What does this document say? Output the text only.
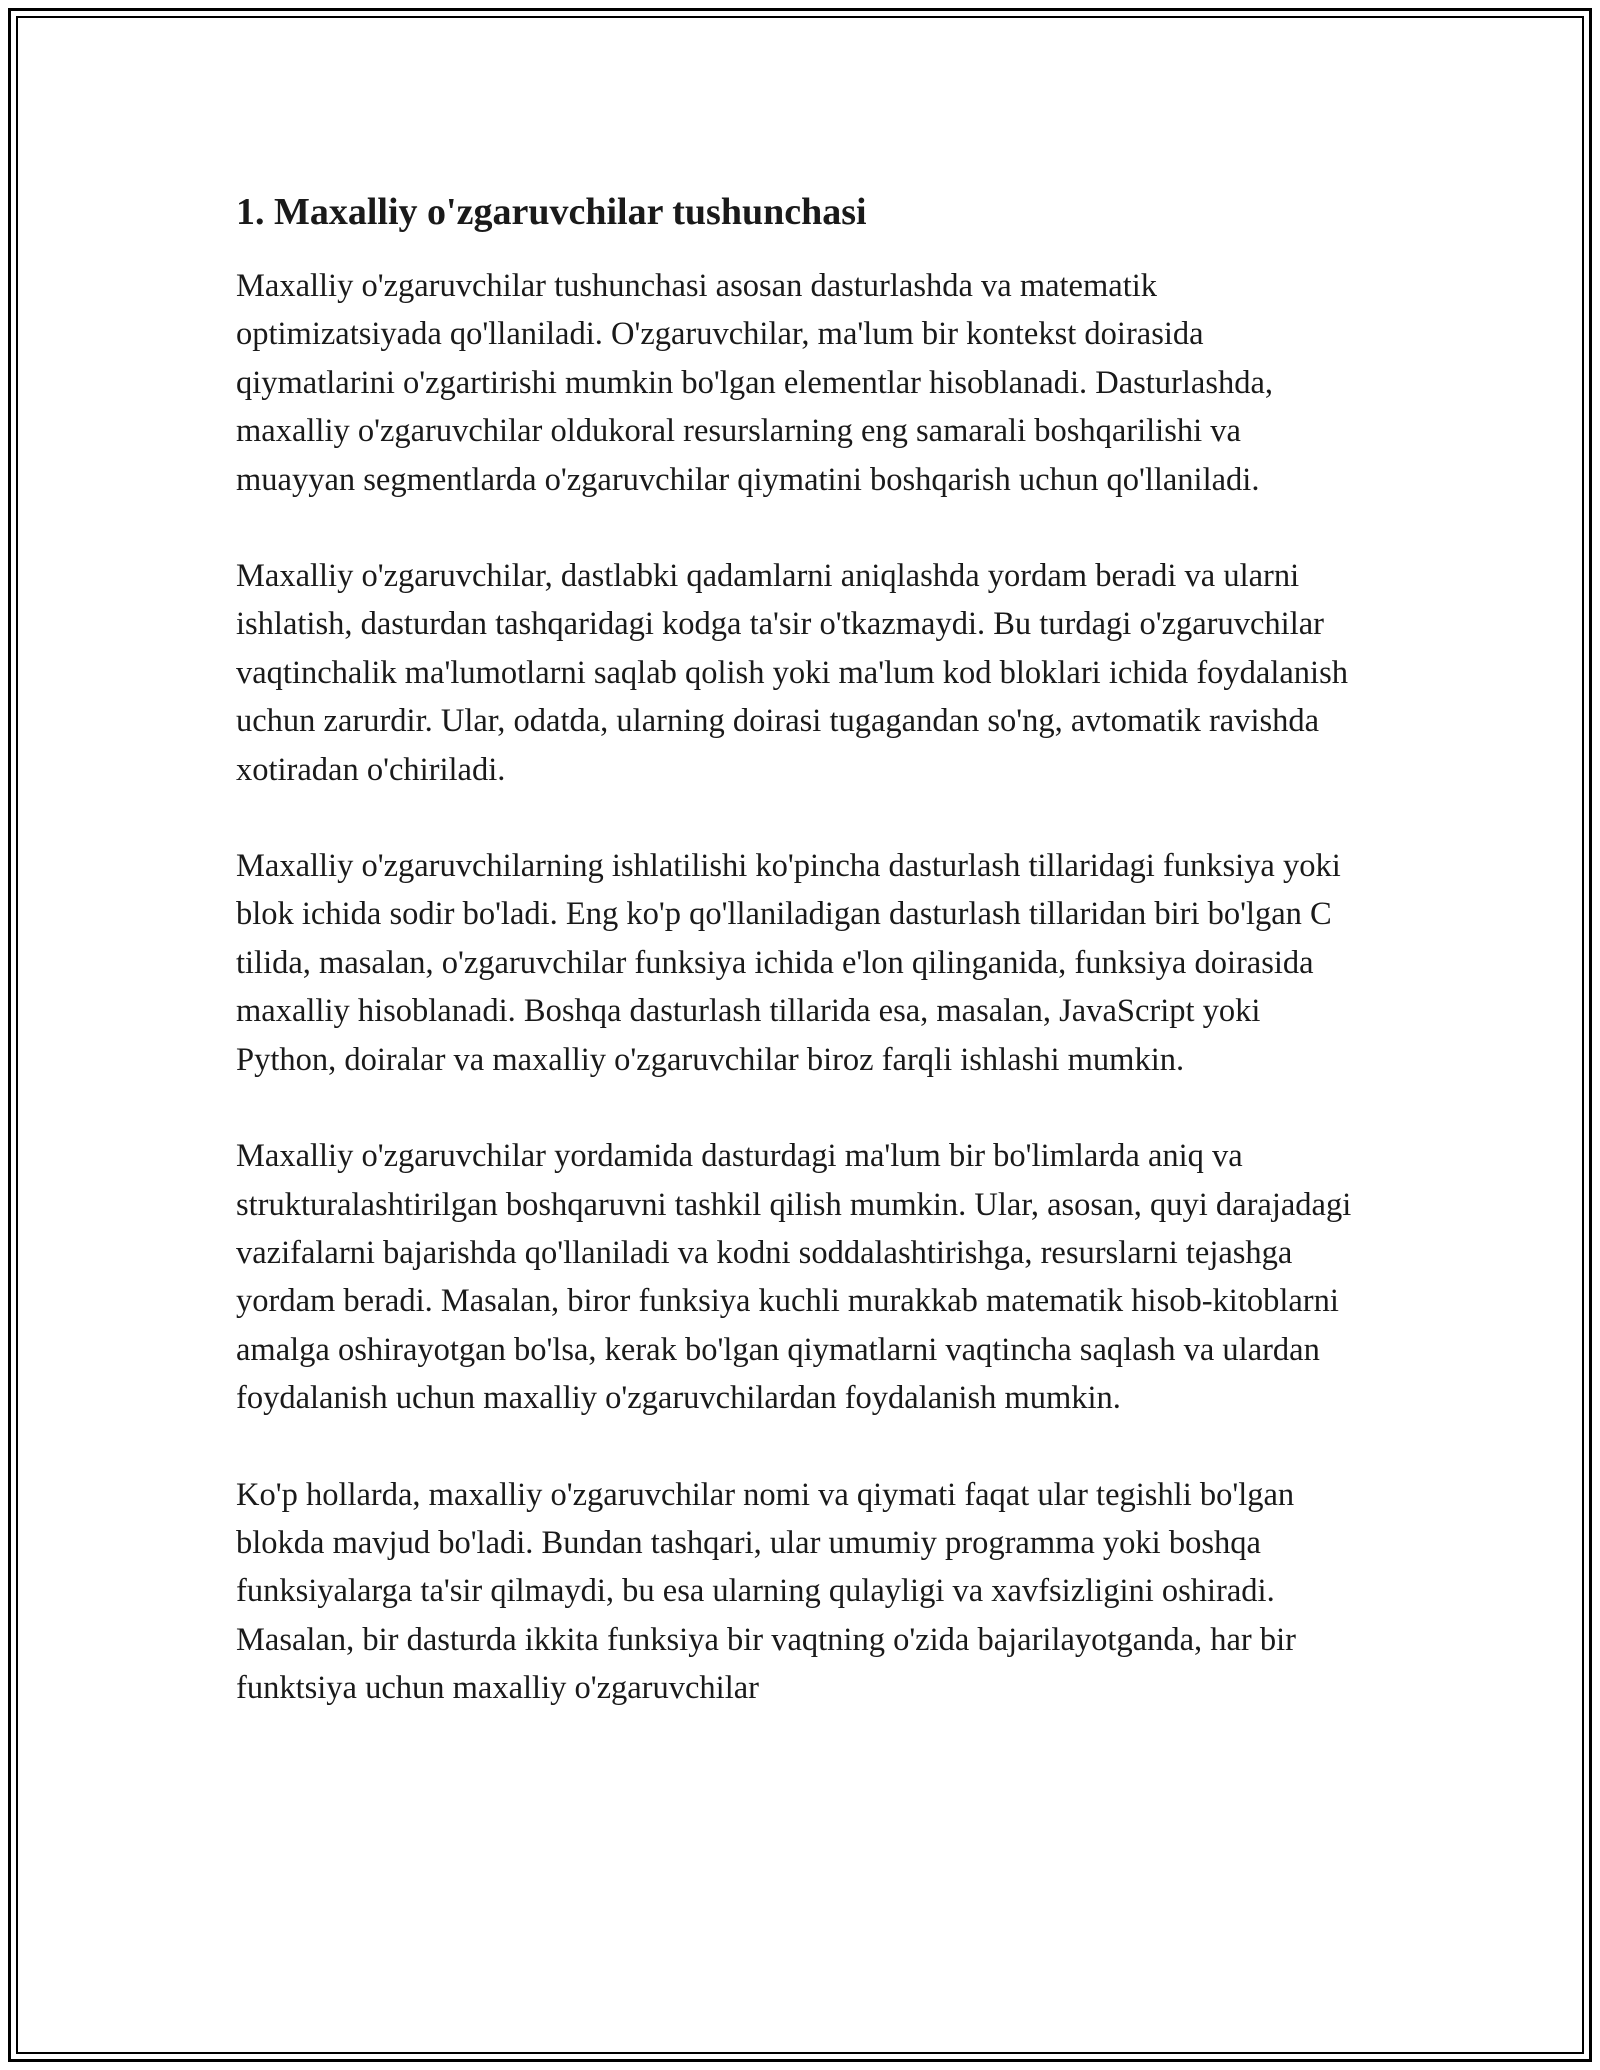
1. Maxalliy o'zgaruvchilar tushunchasi

Maxalliy o'zgaruvchilar tushunchasi asosan dasturlashda va matematik optimizatsiyada qo'llaniladi. O'zgaruvchilar, ma'lum bir kontekst doirasida qiymatlarini o'zgartirishi mumkin bo'lgan elementlar hisoblanadi. Dasturlashda, maxalliy o'zgaruvchilar oldukoral resurslarning eng samarali boshqarilishi va muayyan segmentlarda o'zgaruvchilar qiymatini boshqarish uchun qo'llaniladi.

Maxalliy o'zgaruvchilar, dastlabki qadamlarni aniqlashda yordam beradi va ularni ishlatish, dasturdan tashqaridagi kodga ta'sir o'tkazmaydi. Bu turdagi o'zgaruvchilar vaqtinchalik ma'lumotlarni saqlab qolish yoki ma'lum kod bloklari ichida foydalanish uchun zarurdir. Ular, odatda, ularning doirasi tugagandan so'ng, avtomatik ravishda xotiradan o'chiriladi.

Maxalliy o'zgaruvchilarning ishlatilishi ko'pincha dasturlash tillaridagi funksiya yoki blok ichida sodir bo'ladi. Eng ko'p qo'llaniladigan dasturlash tillaridan biri bo'lgan C tilida, masalan, o'zgaruvchilar funksiya ichida e'lon qilinganida, funksiya doirasida maxalliy hisoblanadi. Boshqa dasturlash tillarida esa, masalan, JavaScript yoki Python, doiralar va maxalliy o'zgaruvchilar biroz farqli ishlashi mumkin.

Maxalliy o'zgaruvchilar yordamida dasturdagi ma'lum bir bo'limlarda aniq va strukturalashtirilgan boshqaruvni tashkil qilish mumkin. Ular, asosan, quyi darajadagi vazifalarni bajarishda qo'llaniladi va kodni soddalashtirishga, resurslarni tejashga yordam beradi. Masalan, biror funksiya kuchli murakkab matematik hisob-kitoblarni amalga oshirayotgan bo'lsa, kerak bo'lgan qiymatlarni vaqtincha saqlash va ulardan foydalanish uchun maxalliy o'zgaruvchilardan foydalanish mumkin.

Ko'p hollarda, maxalliy o'zgaruvchilar nomi va qiymati faqat ular tegishli bo'lgan blokda mavjud bo'ladi. Bundan tashqari, ular umumiy programma yoki boshqa funksiyalarga ta'sir qilmaydi, bu esa ularning qulayligi va xavfsizligini oshiradi. Masalan, bir dasturda ikkita funksiya bir vaqtning o'zida bajarilayotganda, har bir funktsiya uchun maxalliy o'zgaruvchilar
